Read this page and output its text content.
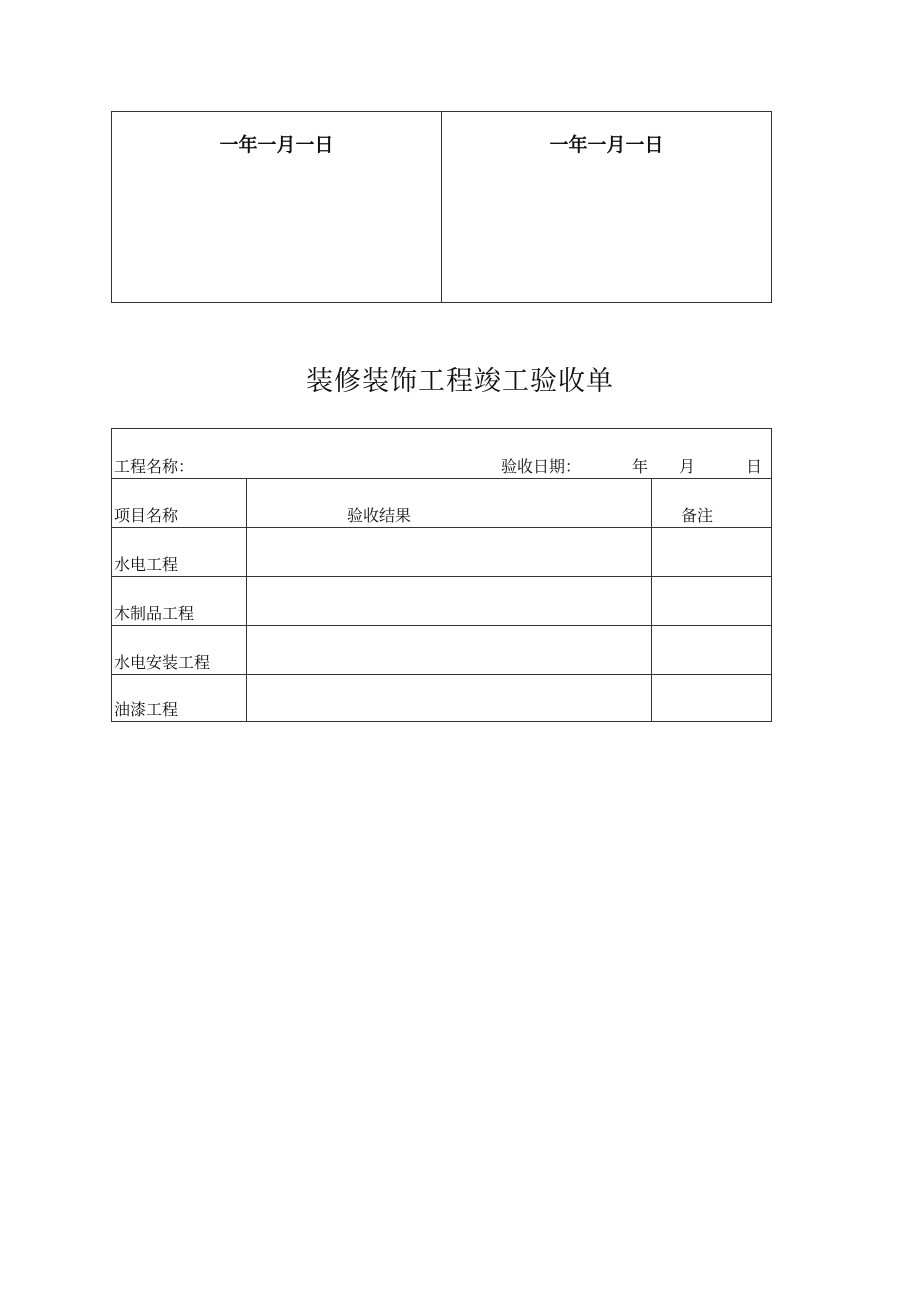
一年一月一日	一年一月一日
装修装饰工程竣工验收单
工程名称：	验收日期：	年 月	日
项目名称	验收结果	备注
水电工程
木制品工程
水电安装工程
油漆工程
